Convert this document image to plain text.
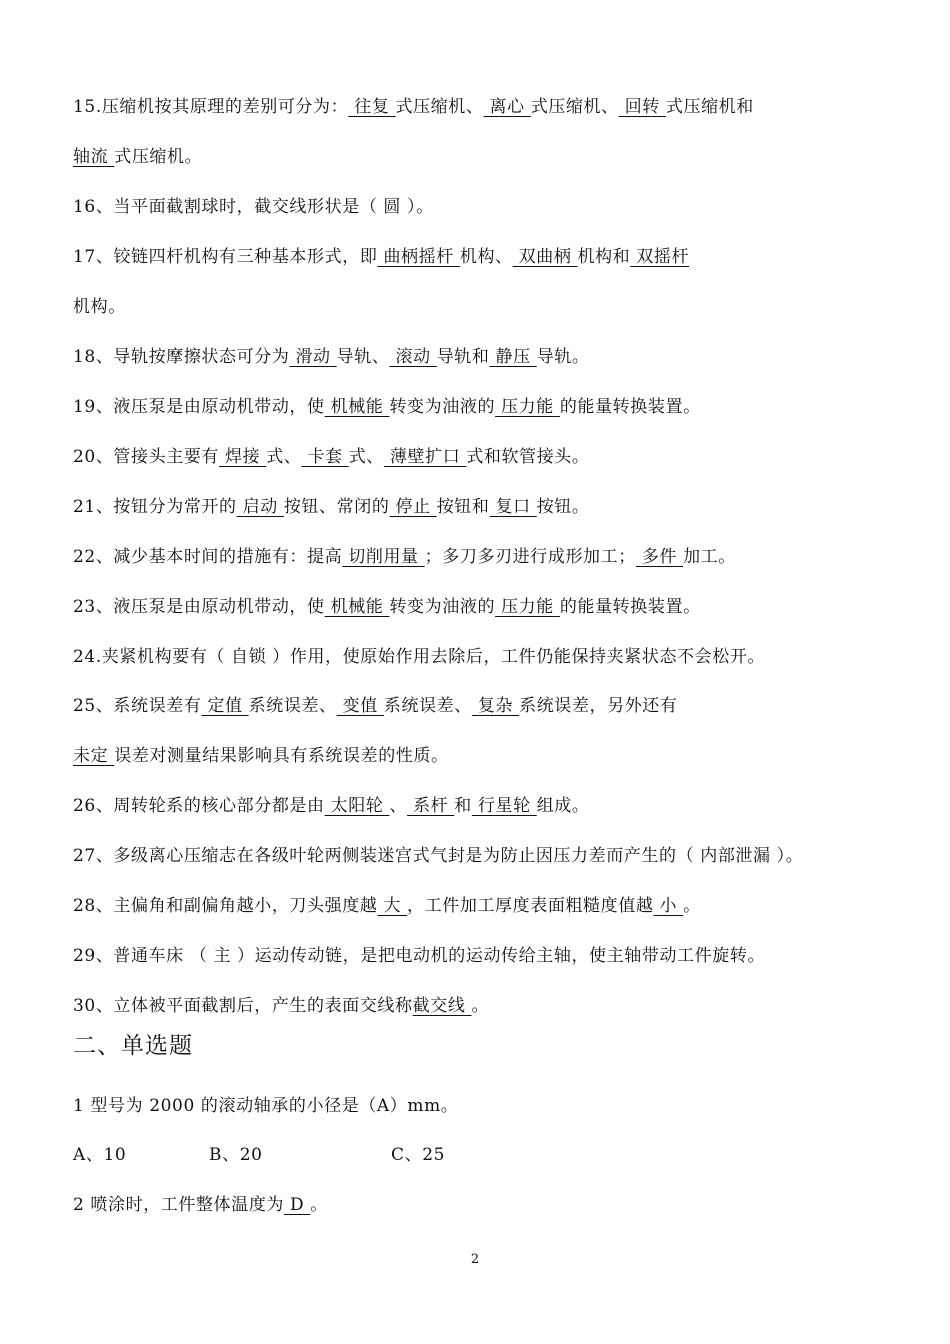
15.压缩机按其原理的差别可分为： 往复 式压缩机、 离心 式压缩机、 回转 式压缩机和
轴流 式压缩机。
16、当平面截割球时，截交线形状是（ 圆 ）。
17、铰链四杆机构有三种基本形式，即 曲柄摇杆 机构、 双曲柄 机构和 双摇杆
机构。
18、导轨按摩擦状态可分为 滑动 导轨、 滚动 导轨和 静压 导轨。
19、液压泵是由原动机带动，使 机械能 转变为油液的 压力能 的能量转换装置。
20、管接头主要有 焊接 式、 卡套 式、 薄壁扩口 式和软管接头。
21、按钮分为常开的 启动 按钮、常闭的 停止 按钮和 复口 按钮。
22、减少基本时间的措施有：提高 切削用量 ；多刀多刃进行成形加工； 多件 加工。
23、液压泵是由原动机带动，使 机械能 转变为油液的 压力能 的能量转换装置。
24.夹紧机构要有（ 自锁 ）作用，使原始作用去除后，工件仍能保持夹紧状态不会松开。
25、系统误差有 定值 系统误差、 变值 系统误差、 复杂 系统误差，另外还有
未定 误差对测量结果影响具有系统误差的性质。
26、周转轮系的核心部分都是由 太阳轮 、 系杆 和 行星轮 组成。
27、多级离心压缩志在各级叶轮两侧装迷宫式气封是为防止因压力差而产生的（ 内部泄漏 ）。
28、主偏角和副偏角越小，刀头强度越 大 ，工件加工厚度表面粗糙度值越 小 。
29、普通车床 （ 主 ）运动传动链，是把电动机的运动传给主轴，使主轴带动工件旋转。
30、立体被平面截割后，产生的表面交线称截交线 。
二、单选题
1 型号为 2000 的滚动轴承的小径是（A）mm。
A、10	B、20	C、25
2 喷涂时，工件整体温度为 D 。
2
